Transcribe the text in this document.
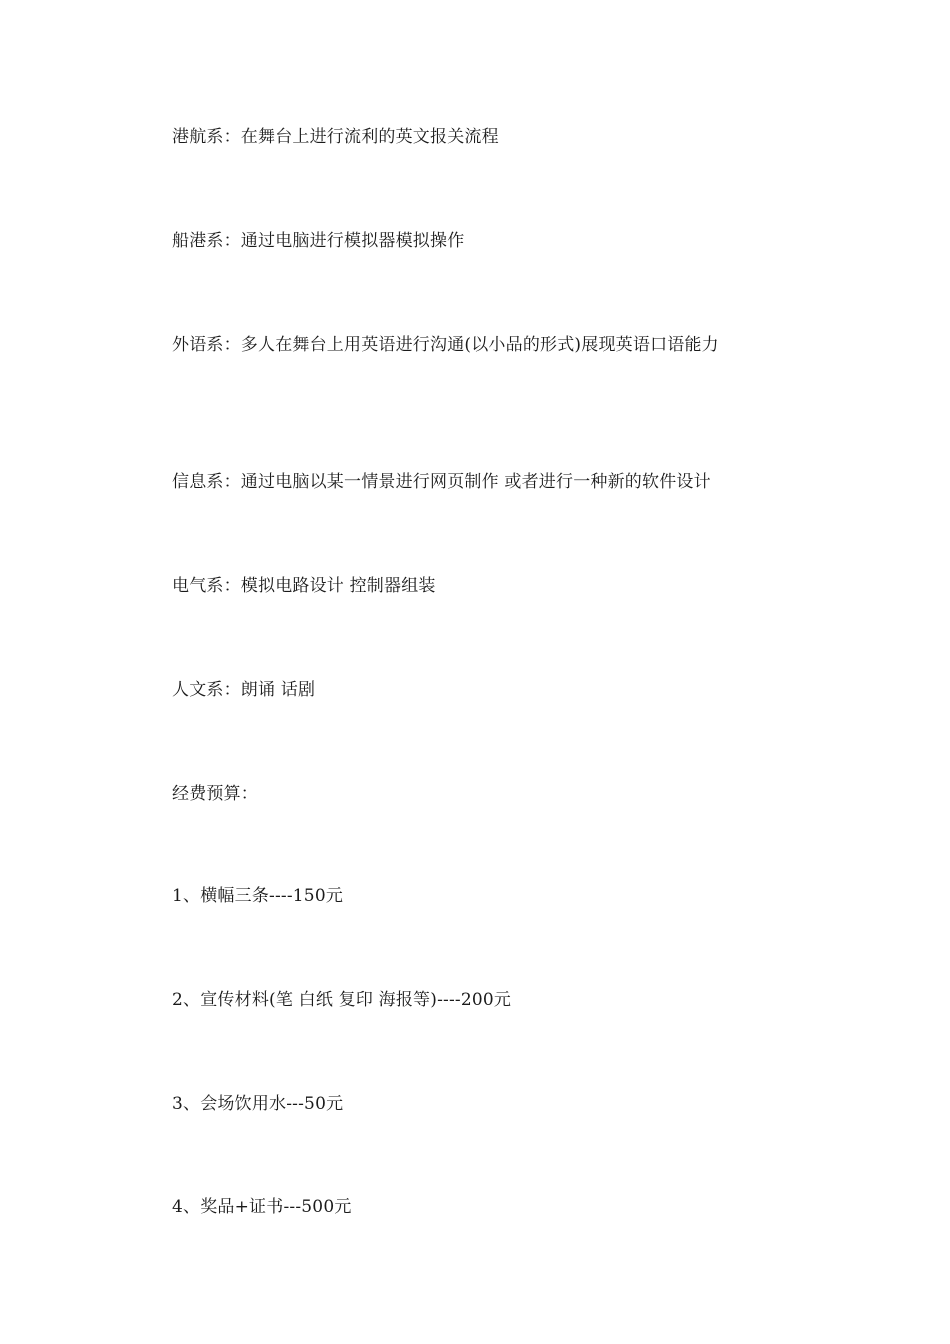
港航系：在舞台上进行流利的英文报关流程
船港系：通过电脑进行模拟器模拟操作
外语系：多人在舞台上用英语进行沟通(以小品的形式)展现英语口语能力
信息系：通过电脑以某一情景进行网页制作 或者进行一种新的软件设计
电气系：模拟电路设计 控制器组装
人文系：朗诵 话剧
经费预算：
1、横幅三条----150元
2、宣传材料(笔 白纸 复印 海报等)----200元
3、会场饮用水---50元
4、奖品+证书---500元
